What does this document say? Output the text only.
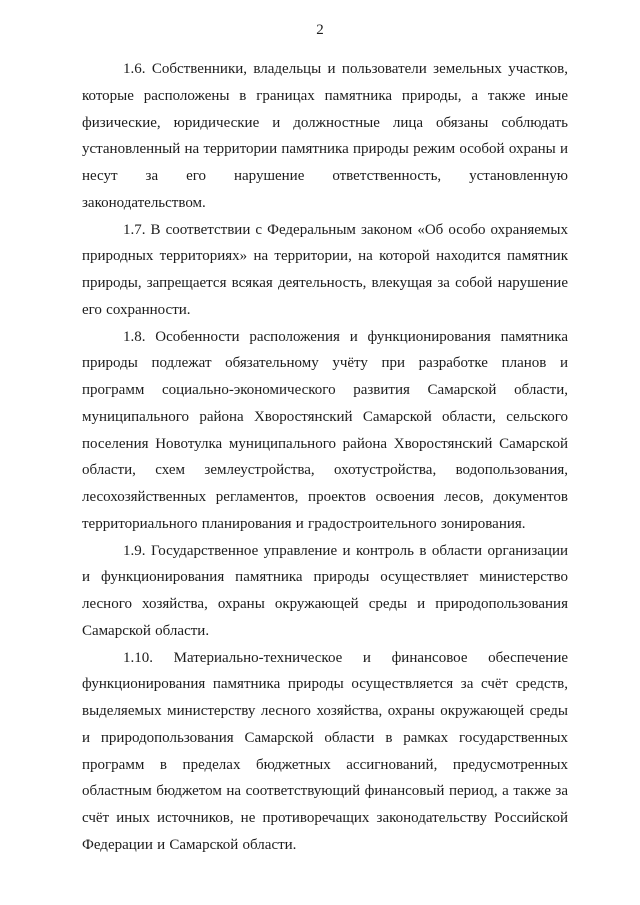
2

1.6. Собственники, владельцы и пользователи земельных участков, которые расположены в границах памятника природы, а также иные физические, юридические и должностные лица обязаны соблюдать установленный на территории памятника природы режим особой охраны и несут за его нарушение ответственность, установленную законодательством.

1.7. В соответствии с Федеральным законом «Об особо охраняемых природных территориях» на территории, на которой находится памятник природы, запрещается всякая деятельность, влекущая за собой нарушение его сохранности.

1.8. Особенности расположения и функционирования памятника природы подлежат обязательному учёту при разработке планов и программ социально-экономического развития Самарской области, муниципального района Хворостянский Самарской области, сельского поселения Новотулка муниципального района Хворостянский Самарской области, схем землеустройства, охотустройства, водопользования, лесохозяйственных регламентов, проектов освоения лесов, документов территориального планирования и градостроительного зонирования.

1.9. Государственное управление и контроль в области организации и функционирования памятника природы осуществляет министерство лесного хозяйства, охраны окружающей среды и природопользования Самарской области.

1.10. Материально-техническое и финансовое обеспечение функционирования памятника природы осуществляется за счёт средств, выделяемых министерству лесного хозяйства, охраны окружающей среды и природопользования Самарской области в рамках государственных программ в пределах бюджетных ассигнований, предусмотренных областным бюджетом на соответствующий финансовый период, а также за счёт иных источников, не противоречащих законодательству Российской Федерации и Самарской области.
